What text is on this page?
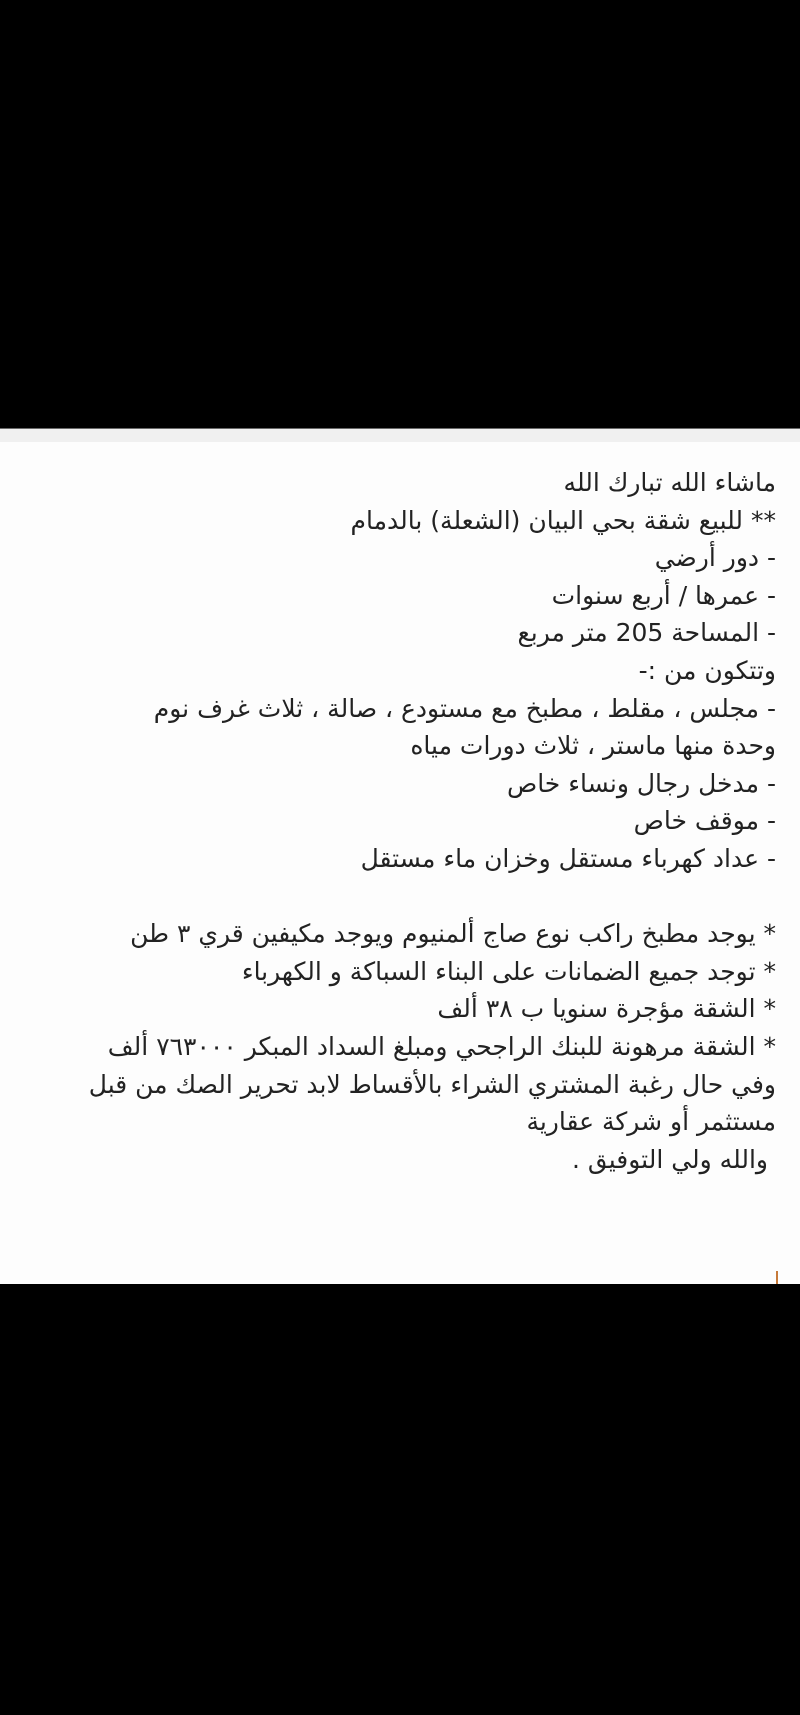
ماشاء الله تبارك الله
** للبيع شقة بحي البيان (الشعلة) بالدمام
- دور أرضي
- عمرها / أربع سنوات
- المساحة 205 متر مربع
وتتكون من :-
- مجلس ، مقلط ، مطبخ مع مستودع ، صالة ، ثلاث غرف نوم
وحدة منها ماستر ، ثلاث دورات مياه
- مدخل رجال ونساء خاص
- موقف خاص
- عداد كهرباء مستقل وخزان ماء مستقل
* يوجد مطبخ راكب نوع صاج ألمنيوم ويوجد مكيفين قري ٣ طن
* توجد جميع الضمانات على البناء السباكة و الكهرباء
* الشقة مؤجرة سنويا ب ٣٨ ألف
* الشقة مرهونة للبنك الراجحي ومبلغ السداد المبكر ٧٦٣٠٠٠ ألف
وفي حال رغبة المشتري الشراء بالأقساط لابد تحرير الصك من قبل
مستثمر أو شركة عقارية
والله ولي التوفيق .
